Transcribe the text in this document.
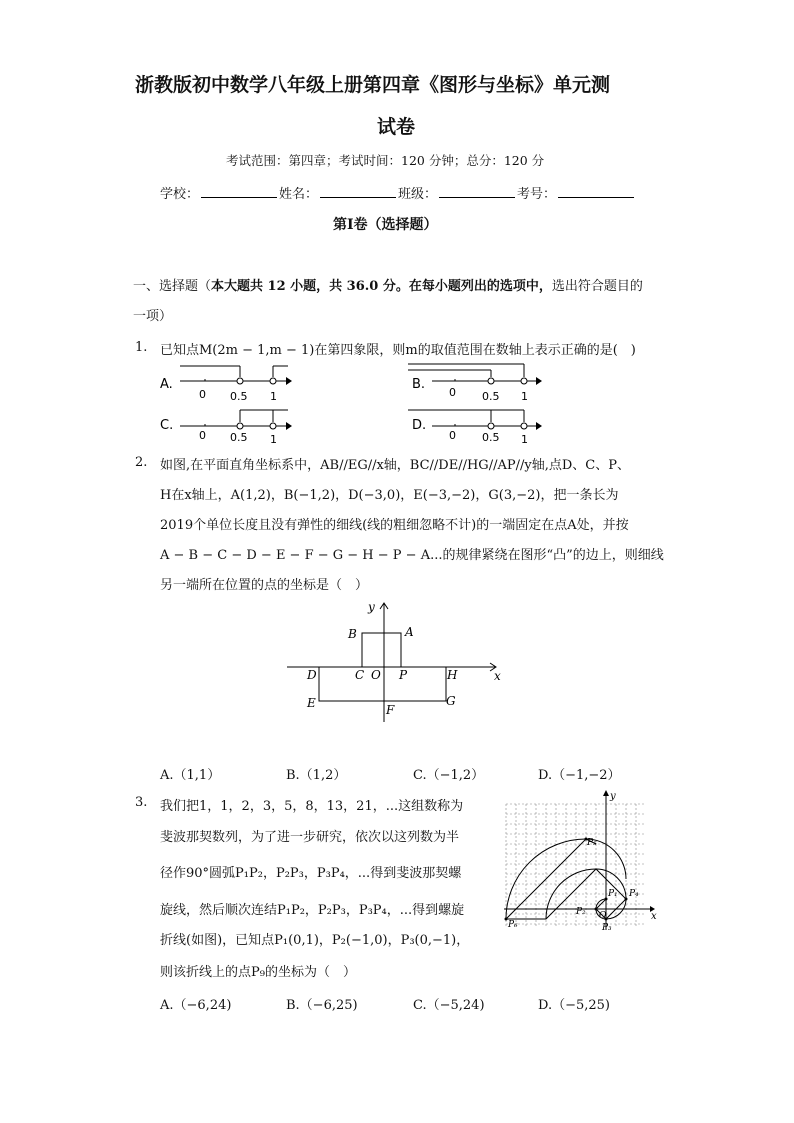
浙教版初中数学八年级上册第四章《图形与坐标》单元测
试卷
考试范围：第四章；考试时间：120 分钟；总分：120 分
学校：	姓名：	班级：	考号：
第Ⅰ卷（选择题）
一、选择题（本大题共 12 小题，共 36.0 分。在每小题列出的选项中，选出符合题目的
一项）
1. 已知点M(2m − 1,m − 1)在第四象限，则m的取值范围在数轴上表示正确的是(　)
A.
0 0.5 1
B.
0 0.5 1
C.
0 0.5 1
D.
0 0.5 1
2. 如图,在平面直角坐标系中，AB//EG//x轴，BC//DE//HG//AP//y轴,点D、C、P、
H在x轴上，A(1,2)，B(−1,2)，D(−3,0)，E(−3,−2)，G(3,−2)，把一条长为
2019个单位长度且没有弹性的细线(线的粗细忽略不计)的一端固定在点A处，并按
A − B − C − D − E − F − G − H − P − A...的规律紧绕在图形“凸”的边上，则细线
另一端所在位置的点的坐标是（　）
y
x
A
B
C O P
D	H
E	F
G
A.（1,1）	B.（1,2）	C.（−1,2）	D.（−1,−2）
3. 我们把1，1，2，3，5，8，13，21，...这组数称为
斐波那契数列，为了进一步研究，依次以这列数为半
径作90°圆弧P₁P₂，P₂P₃，P₃P₄，...得到斐波那契螺
旋线，然后顺次连结P₁P₂，P₂P₃，P₃P₄，...得到螺旋
折线(如图)，已知点P₁(0,1)，P₂(−1,0)，P₃(0,−1)，
则该折线上的点P₉的坐标为（　）
y
x
O
P₁
P₂
P₃
P₄
P₅
P₆
A.（−6,24)	B.（−6,25)	C.（−5,24)	D.（−5,25)
